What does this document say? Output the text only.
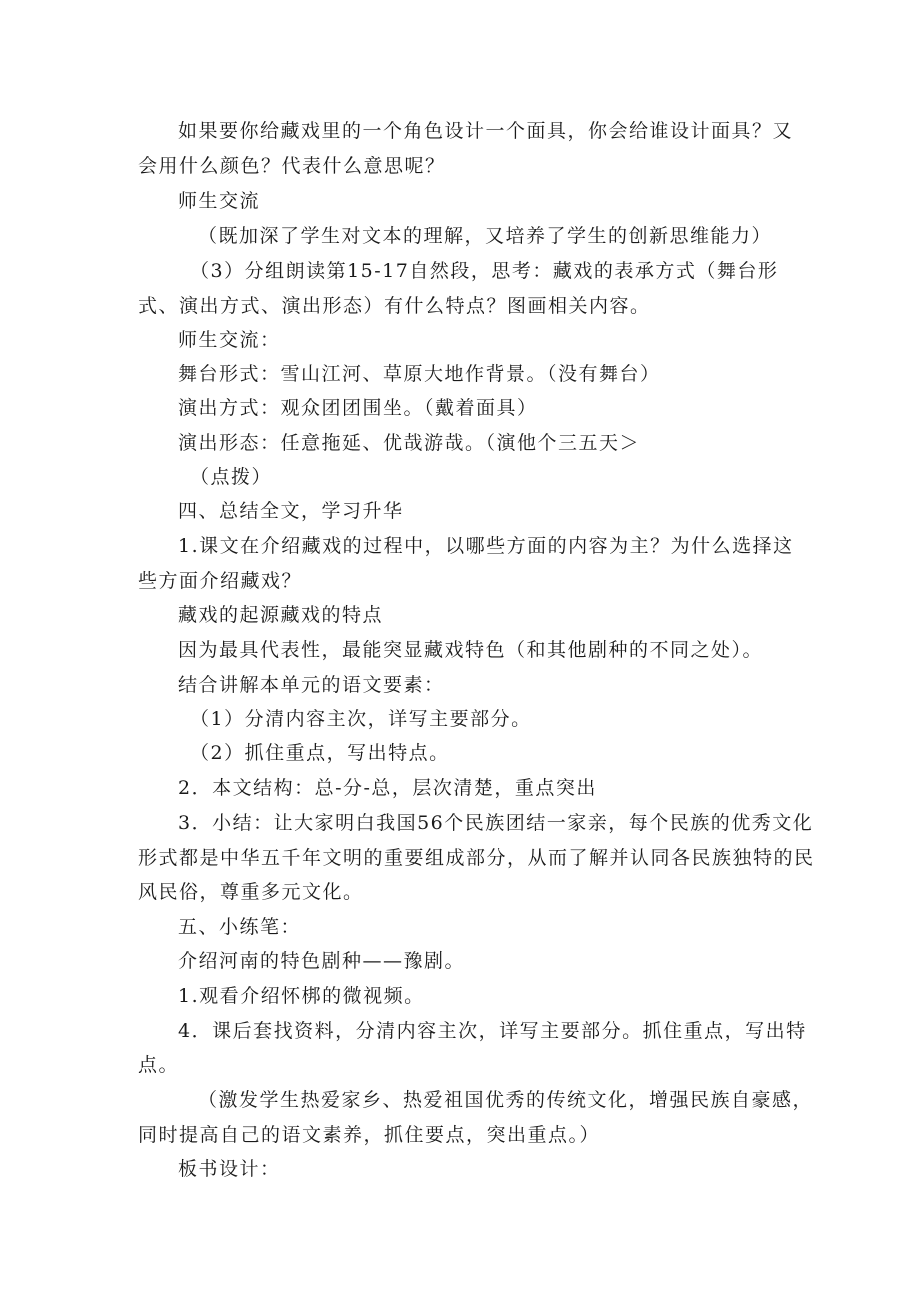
如果要你给藏戏里的一个角色设计一个面具，你会给谁设计面具？又
会用什么颜色？代表什么意思呢？
师生交流
（既加深了学生对文本的理解，又培养了学生的创新思维能力）
（3）分组朗读第15-17自然段，思考：藏戏的表承方式（舞台形
式、演出方式、演出形态）有什么特点？图画相关内容。
师生交流：
舞台形式：雪山江河、草原大地作背景。（没有舞台）
演出方式：观众团团围坐。（戴着面具）
演出形态：任意拖延、优哉游哉。（演他个三五天＞
（点拨）
四、总结全文，学习升华
1.课文在介绍藏戏的过程中，以哪些方面的内容为主？为什么选择这
些方面介绍藏戏？
藏戏的起源藏戏的特点
因为最具代表性，最能突显藏戏特色（和其他剧种的不同之处）。
结合讲解本单元的语文要素：
（1）分清内容主次，详写主要部分。
（2）抓住重点，写出特点。
2．本文结构：总-分-总，层次清楚，重点突出
3．小结：让大家明白我国56个民族团结一家亲，每个民族的优秀文化
形式都是中华五千年文明的重要组成部分，从而了解并认同各民族独特的民
风民俗，尊重多元文化。
五、小练笔：
介绍河南的特色剧种——豫剧。
1.观看介绍怀梆的微视频。
4．课后套找资料，分清内容主次，详写主要部分。抓住重点，写出特
点。
（激发学生热爱家乡、热爱祖国优秀的传统文化，增强民族自豪感，
同时提高自己的语文素养，抓住要点，突出重点。）
板书设计：
